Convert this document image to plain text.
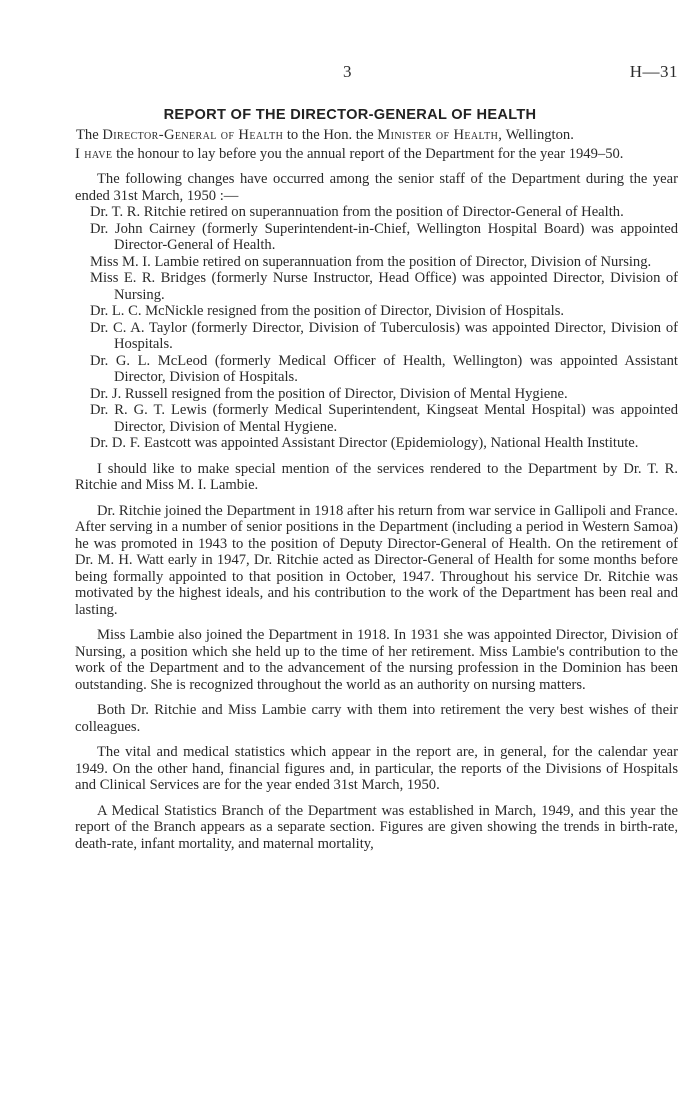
3	H—31
REPORT OF THE DIRECTOR-GENERAL OF HEALTH

The Director-General of Health to the Hon. the Minister of Health, Wellington.

I have the honour to lay before you the annual report of the Department for the year 1949–50.

The following changes have occurred among the senior staff of the Department during the year ended 31st March, 1950 :—

Dr. T. R. Ritchie retired on superannuation from the position of Director-General of Health.
Dr. John Cairney (formerly Superintendent-in-Chief, Wellington Hospital Board) was appointed Director-General of Health.
Miss M. I. Lambie retired on superannuation from the position of Director, Division of Nursing.
Miss E. R. Bridges (formerly Nurse Instructor, Head Office) was appointed Director, Division of Nursing.
Dr. L. C. McNickle resigned from the position of Director, Division of Hospitals.
Dr. C. A. Taylor (formerly Director, Division of Tuberculosis) was appointed Director, Division of Hospitals.
Dr. G. L. McLeod (formerly Medical Officer of Health, Wellington) was appointed Assistant Director, Division of Hospitals.
Dr. J. Russell resigned from the position of Director, Division of Mental Hygiene.
Dr. R. G. T. Lewis (formerly Medical Superintendent, Kingseat Mental Hospital) was appointed Director, Division of Mental Hygiene.
Dr. D. F. Eastcott was appointed Assistant Director (Epidemiology), National Health Institute.

I should like to make special mention of the services rendered to the Department by Dr. T. R. Ritchie and Miss M. I. Lambie.

Dr. Ritchie joined the Department in 1918 after his return from war service in Gallipoli and France. After serving in a number of senior positions in the Department (including a period in Western Samoa) he was promoted in 1943 to the position of Deputy Director-General of Health. On the retirement of Dr. M. H. Watt early in 1947, Dr. Ritchie acted as Director-General of Health for some months before being formally appointed to that position in October, 1947. Throughout his service Dr. Ritchie was motivated by the highest ideals, and his contribution to the work of the Department has been real and lasting.

Miss Lambie also joined the Department in 1918. In 1931 she was appointed Director, Division of Nursing, a position which she held up to the time of her retirement. Miss Lambie's contribution to the work of the Department and to the advancement of the nursing profession in the Dominion has been outstanding. She is recognized throughout the world as an authority on nursing matters.

Both Dr. Ritchie and Miss Lambie carry with them into retirement the very best wishes of their colleagues.

The vital and medical statistics which appear in the report are, in general, for the calendar year 1949. On the other hand, financial figures and, in particular, the reports of the Divisions of Hospitals and Clinical Services are for the year ended 31st March, 1950.

A Medical Statistics Branch of the Department was established in March, 1949, and this year the report of the Branch appears as a separate section. Figures are given showing the trends in birth-rate, death-rate, infant mortality, and maternal mortality,
